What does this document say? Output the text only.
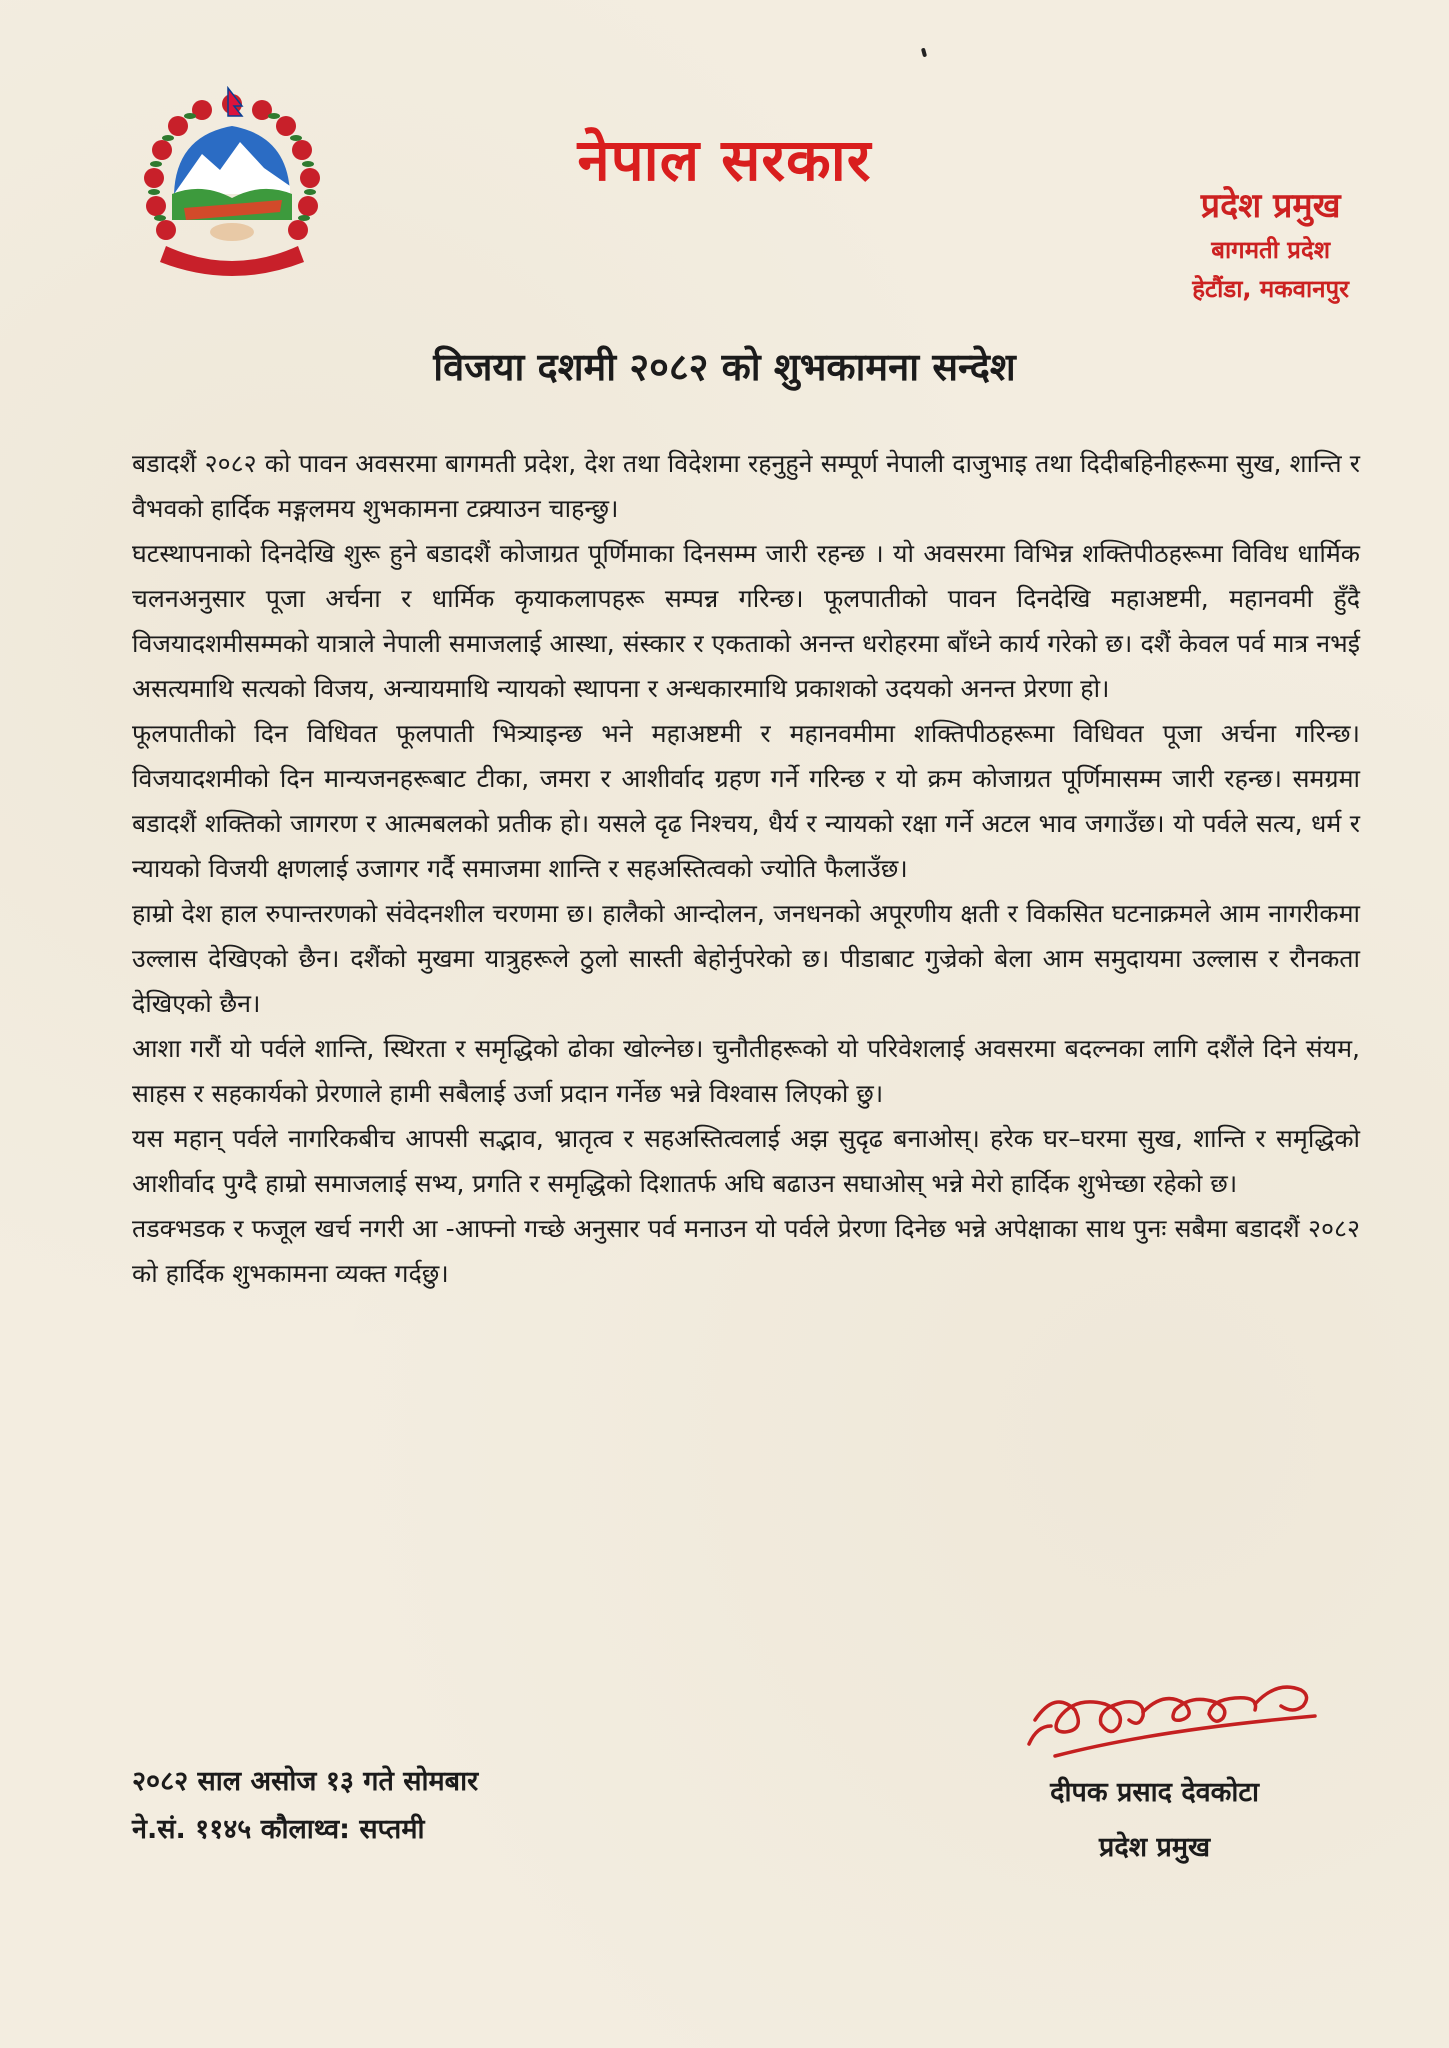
नेपाल सरकार
प्रदेश प्रमुख
बागमती प्रदेश
हेटौंडा, मकवानपुर
विजया दशमी २०८२ को शुभकामना सन्देश

बडादशैं २०८२ को पावन अवसरमा बागमती प्रदेश, देश तथा विदेशमा रहनुहुने सम्पूर्ण नेपाली दाजुभाइ तथा दिदीबहिनीहरूमा सुख, शान्ति र वैभवको हार्दिक मङ्गलमय शुभकामना टक्र्याउन चाहन्छु।

घटस्थापनाको दिनदेखि शुरू हुने बडादशैं कोजाग्रत पूर्णिमाका दिनसम्म जारी रहन्छ । यो अवसरमा विभिन्न शक्तिपीठहरूमा विविध धार्मिक चलनअनुसार पूजा अर्चना र धार्मिक कृयाकलापहरू सम्पन्न गरिन्छ। फूलपातीको पावन दिनदेखि महाअष्टमी, महानवमी हुँदै विजयादशमीसम्मको यात्राले नेपाली समाजलाई आस्था, संस्कार र एकताको अनन्त धरोहरमा बाँध्ने कार्य गरेको छ। दशैं केवल पर्व मात्र नभई असत्यमाथि सत्यको विजय, अन्यायमाथि न्यायको स्थापना र अन्धकारमाथि प्रकाशको उदयको अनन्त प्रेरणा हो।

फूलपातीको दिन विधिवत फूलपाती भित्र्याइन्छ भने महाअष्टमी र महानवमीमा शक्तिपीठहरूमा विधिवत पूजा अर्चना गरिन्छ। विजयादशमीको दिन मान्यजनहरूबाट टीका, जमरा र आशीर्वाद ग्रहण गर्ने गरिन्छ र यो क्रम कोजाग्रत पूर्णिमासम्म जारी रहन्छ। समग्रमा बडादशैं शक्तिको जागरण र आत्मबलको प्रतीक हो। यसले दृढ निश्चय, धैर्य र न्यायको रक्षा गर्ने अटल भाव जगाउँछ। यो पर्वले सत्य, धर्म र न्यायको विजयी क्षणलाई उजागर गर्दै समाजमा शान्ति र सहअस्तित्वको ज्योति फैलाउँछ।

हाम्रो देश हाल रुपान्तरणको संवेदनशील चरणमा छ। हालैको आन्दोलन, जनधनको अपूरणीय क्षती र विकसित घटनाक्रमले आम नागरीकमा उल्लास देखिएको छैन। दशैंको मुखमा यात्रुहरूले ठुलो सास्ती बेहोर्नुपरेको छ। पीडाबाट गुज्रेको बेला आम समुदायमा उल्लास र रौनकता देखिएको छैन।

आशा गरौं यो पर्वले शान्ति, स्थिरता र समृद्धिको ढोका खोल्नेछ। चुनौतीहरूको यो परिवेशलाई अवसरमा बदल्नका लागि दशैंले दिने संयम, साहस र सहकार्यको प्रेरणाले हामी सबैलाई उर्जा प्रदान गर्नेछ भन्ने विश्वास लिएको छु।

यस महान् पर्वले नागरिकबीच आपसी सद्भाव, भ्रातृत्व र सहअस्तित्वलाई अझ सुदृढ बनाओस्। हरेक घर–घरमा सुख, शान्ति र समृद्धिको आशीर्वाद पुग्दै हाम्रो समाजलाई सभ्य, प्रगति र समृद्धिको दिशातर्फ अघि बढाउन सघाओस् भन्ने मेरो हार्दिक शुभेच्छा रहेको छ।

तडक्भडक र फजूल खर्च नगरी आ -आफ्नो गच्छे अनुसार पर्व मनाउन यो पर्वले प्रेरणा दिनेछ भन्ने अपेक्षाका साथ पुनः सबैमा बडादशैं २०८२ को हार्दिक शुभकामना व्यक्त गर्दछु।

२०८२ साल असोज १३ गते सोमबार
ने.सं. ११४५ कौलाथ्व: सप्तमी
दीपक प्रसाद देवकोटा
प्रदेश प्रमुख
